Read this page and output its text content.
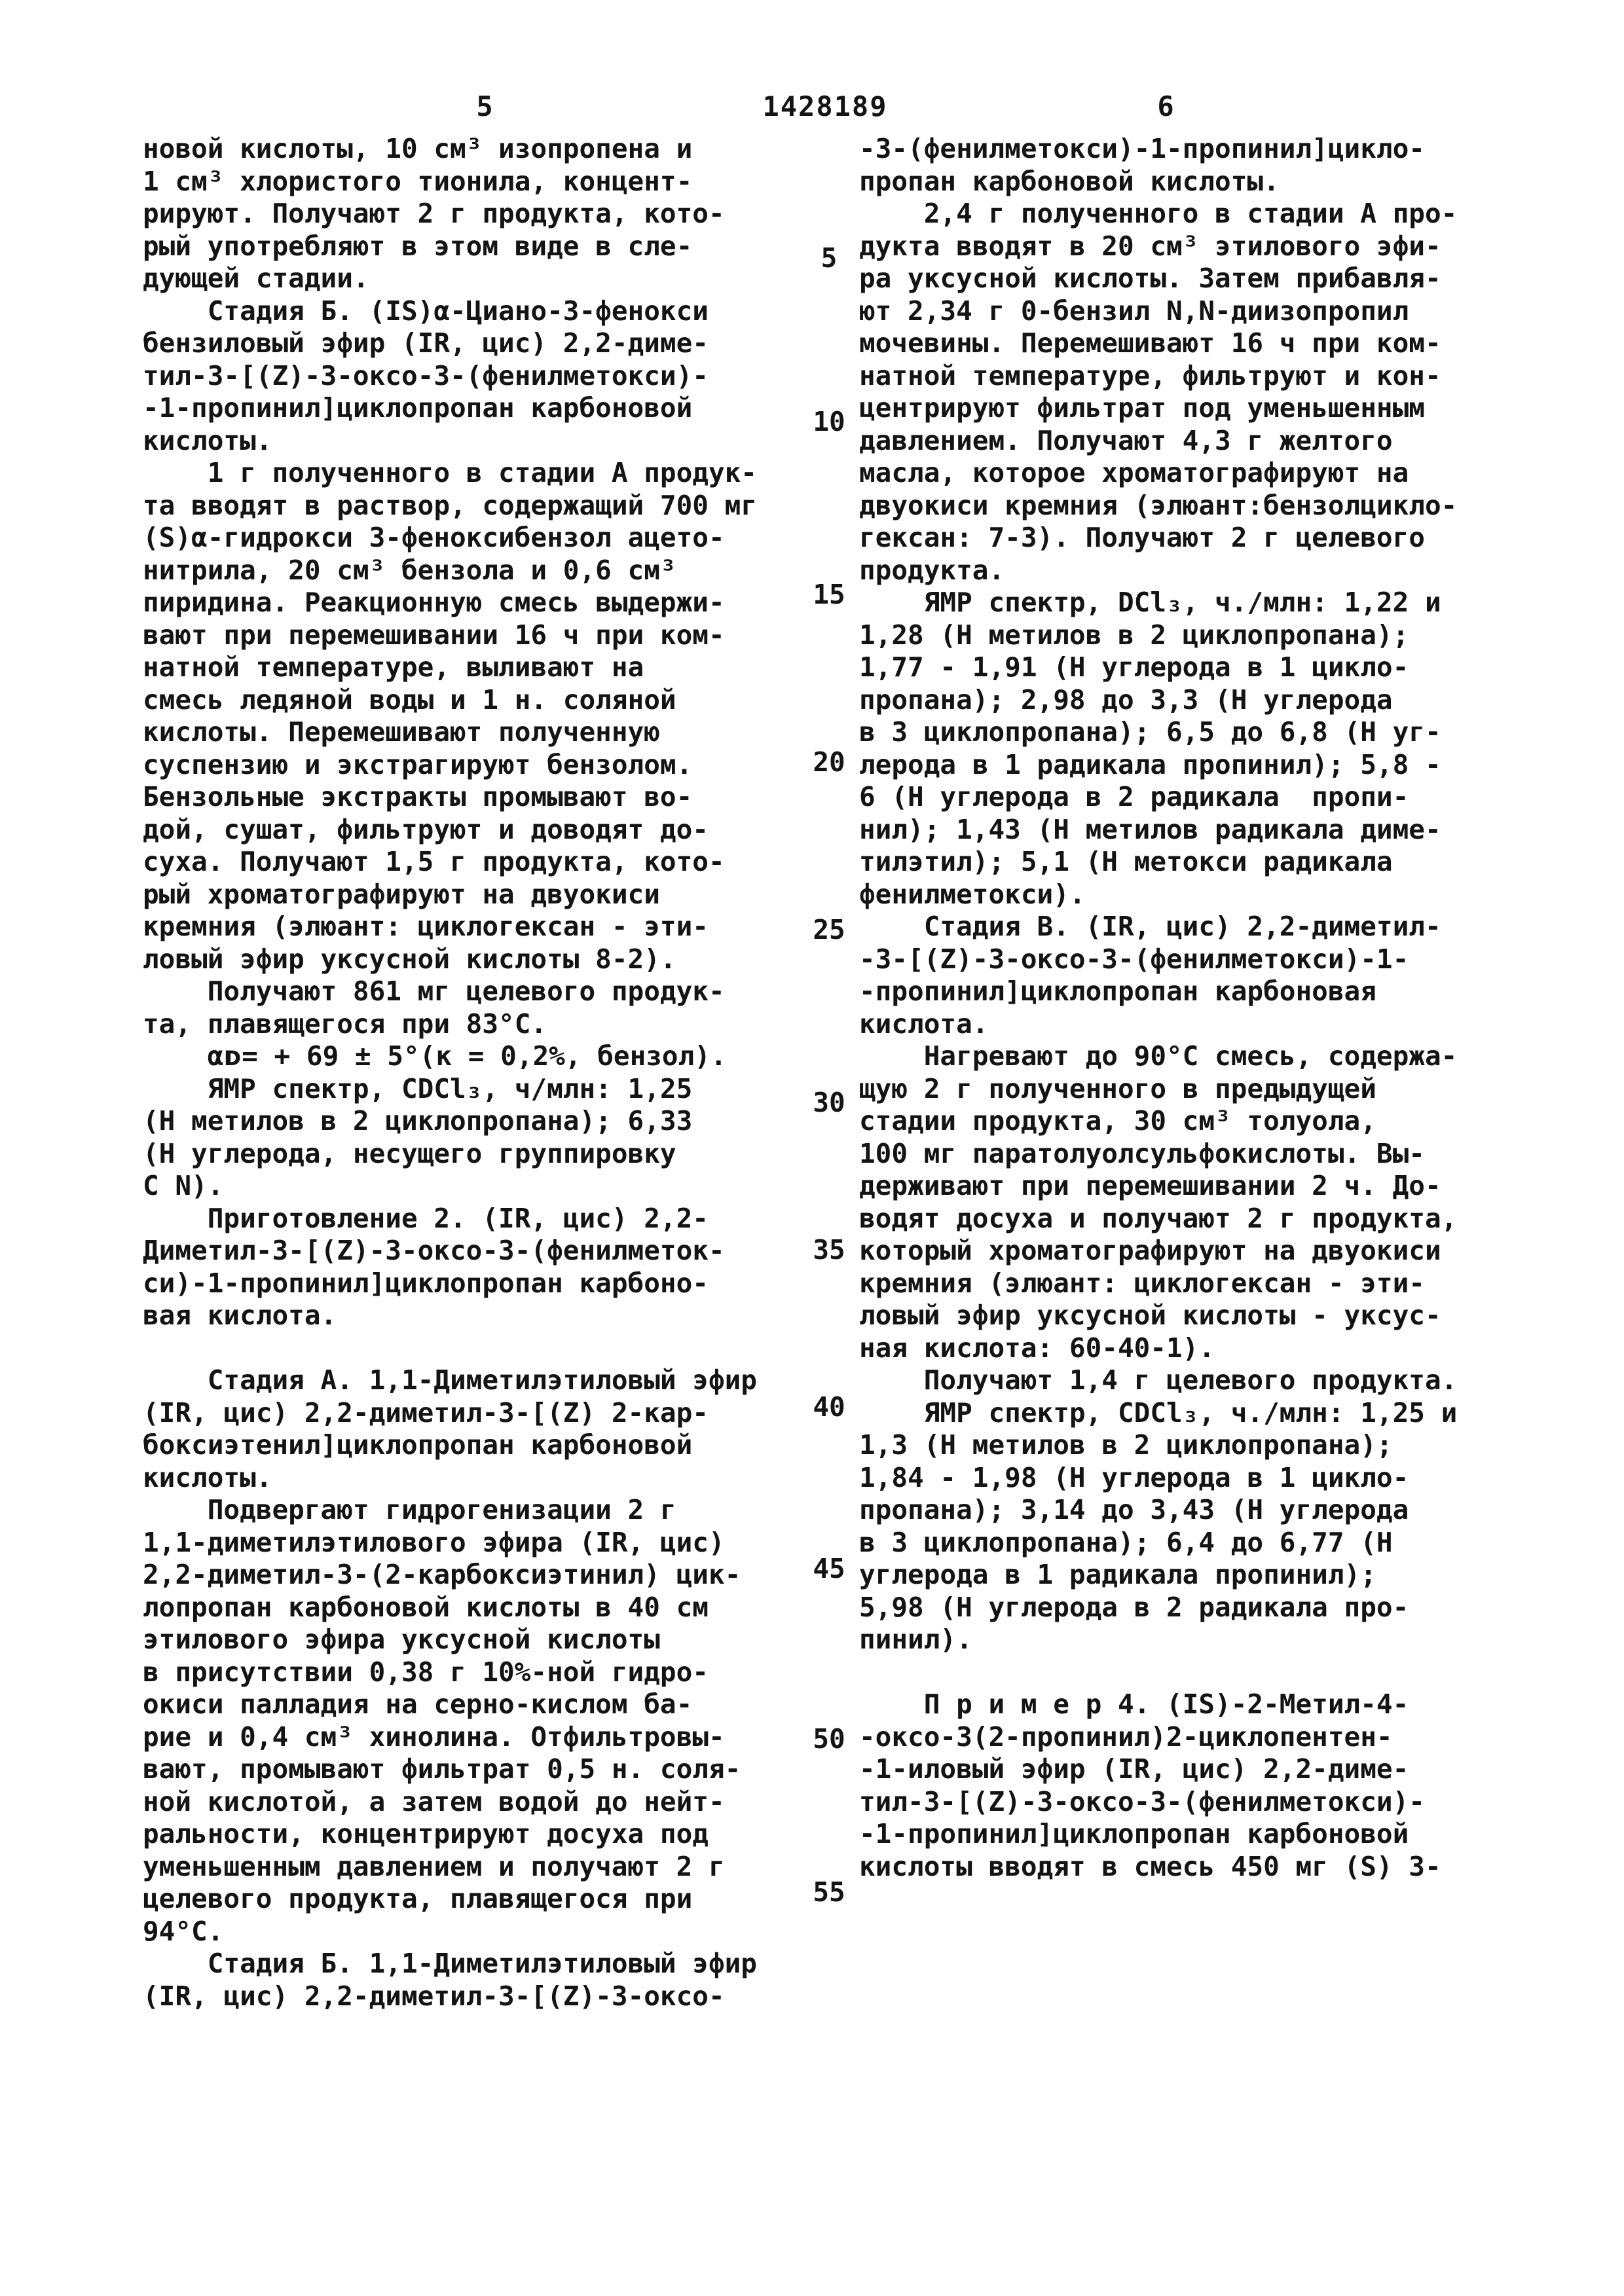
5	1428189	6
новой кислоты, 10 см³ изопропена и
1 см³ хлористого тионила, концент-
рируют. Получают 2 г продукта, кото-
рый употребляют в этом виде в сле-
дующей стадии.
Стадия Б. (IS)α-Циано-3-фенокси
бензиловый эфир (IR, цис) 2,2-диме-
тил-3-[(Z)-3-оксо-3-(фенилметокси)-
-1-пропинил]циклопропан карбоновой
кислоты.
1 г полученного в стадии А продук-
та вводят в раствор, содержащий 700 мг
(S)α-гидрокси 3-феноксибензол ацето-
нитрила, 20 см³ бензола и 0,6 см³
пиридина. Реакционную смесь выдержи-
вают при перемешивании 16 ч при ком-
натной температуре, выливают на
смесь ледяной воды и 1 н. соляной
кислоты. Перемешивают полученную
суспензию и экстрагируют бензолом.
Бензольные экстракты промывают во-
дой, сушат, фильтруют и доводят до-
суха. Получают 1,5 г продукта, кото-
рый хроматографируют на двуокиси
кремния (элюант: циклогексан - эти-
ловый эфир уксусной кислоты 8-2).
Получают 861 мг целевого продук-
та, плавящегося при 83°C.
αᴅ= + 69 ± 5°(к = 0,2%, бензол).
ЯМР спектр, CDCl₃, ч/млн: 1,25
(Н метилов в 2 циклопропана); 6,33
(Н углерода, несущего группировку
C N).
Приготовление 2. (IR, цис) 2,2-
Диметил-3-[(Z)-3-оксо-3-(фенилметок-
си)-1-пропинил]циклопропан карбоно-
вая кислота.
Стадия А. 1,1-Диметилэтиловый эфир
(IR, цис) 2,2-диметил-3-[(Z) 2-кар-
боксиэтенил]циклопропан карбоновой
кислоты.
Подвергают гидрогенизации 2 г
1,1-диметилэтилового эфира (IR, цис)
2,2-диметил-3-(2-карбоксиэтинил) цик-
лопропан карбоновой кислоты в 40 см
этилового эфира уксусной кислоты
в присутствии 0,38 г 10%-ной гидро-
окиси палладия на серно-кислом ба-
рие и 0,4 см³ хинолина. Отфильтровы-
вают, промывают фильтрат 0,5 н. соля-
ной кислотой, а затем водой до нейт-
ральности, концентрируют досуха под
уменьшенным давлением и получают 2 г
целевого продукта, плавящегося при
94°C.
Стадия Б. 1,1-Диметилэтиловый эфир
(IR, цис) 2,2-диметил-3-[(Z)-3-оксо-
-3-(фенилметокси)-1-пропинил]цикло-
пропан карбоновой кислоты.
2,4 г полученного в стадии А про-
дукта вводят в 20 см³ этилового эфи-
ра уксусной кислоты. Затем прибавля-
ют 2,34 г 0-бензил N,N-диизопропил
мочевины. Перемешивают 16 ч при ком-
натной температуре, фильтруют и кон-
центрируют фильтрат под уменьшенным
давлением. Получают 4,3 г желтого
масла, которое хроматографируют на
двуокиси кремния (элюант:бензолцикло-
гексан: 7-3). Получают 2 г целевого
продукта.
ЯМР спектр, DCl₃, ч./млн: 1,22 и
1,28 (Н метилов в 2 циклопропана);
1,77 - 1,91 (Н углерода в 1 цикло-
пропана); 2,98 до 3,3 (Н углерода
в 3 циклопропана); 6,5 до 6,8 (Н уг-
лерода в 1 радикала пропинил); 5,8 -
6 (Н углерода в 2 радикала  пропи-
нил); 1,43 (Н метилов радикала диме-
тилэтил); 5,1 (Н метокси радикала
фенилметокси).
Стадия В. (IR, цис) 2,2-диметил-
-3-[(Z)-3-оксо-3-(фенилметокси)-1-
-пропинил]циклопропан карбоновая
кислота.
Нагревают до 90°С смесь, содержа-
щую 2 г полученного в предыдущей
стадии продукта, 30 см³ толуола,
100 мг паратолуолсульфокислоты. Вы-
держивают при перемешивании 2 ч. До-
водят досуха и получают 2 г продукта,
который хроматографируют на двуокиси
кремния (элюант: циклогексан - эти-
ловый эфир уксусной кислоты - уксус-
ная кислота: 60-40-1).
Получают 1,4 г целевого продукта.
ЯМР спектр, CDCl₃, ч./млн: 1,25 и
1,3 (Н метилов в 2 циклопропана);
1,84 - 1,98 (Н углерода в 1 цикло-
пропана); 3,14 до 3,43 (Н углерода
в 3 циклопропана); 6,4 до 6,77 (Н
углерода в 1 радикала пропинил);
5,98 (Н углерода в 2 радикала про-
пинил).
П р и м е р 4. (IS)-2-Метил-4-
-оксо-3(2-пропинил)2-циклопентен-
-1-иловый эфир (IR, цис) 2,2-диме-
тил-3-[(Z)-3-оксо-3-(фенилметокси)-
-1-пропинил]циклопропан карбоновой
кислоты вводят в смесь 450 мг (S) 3-
5
10
15
20
25
30
35
40
45
50
55
